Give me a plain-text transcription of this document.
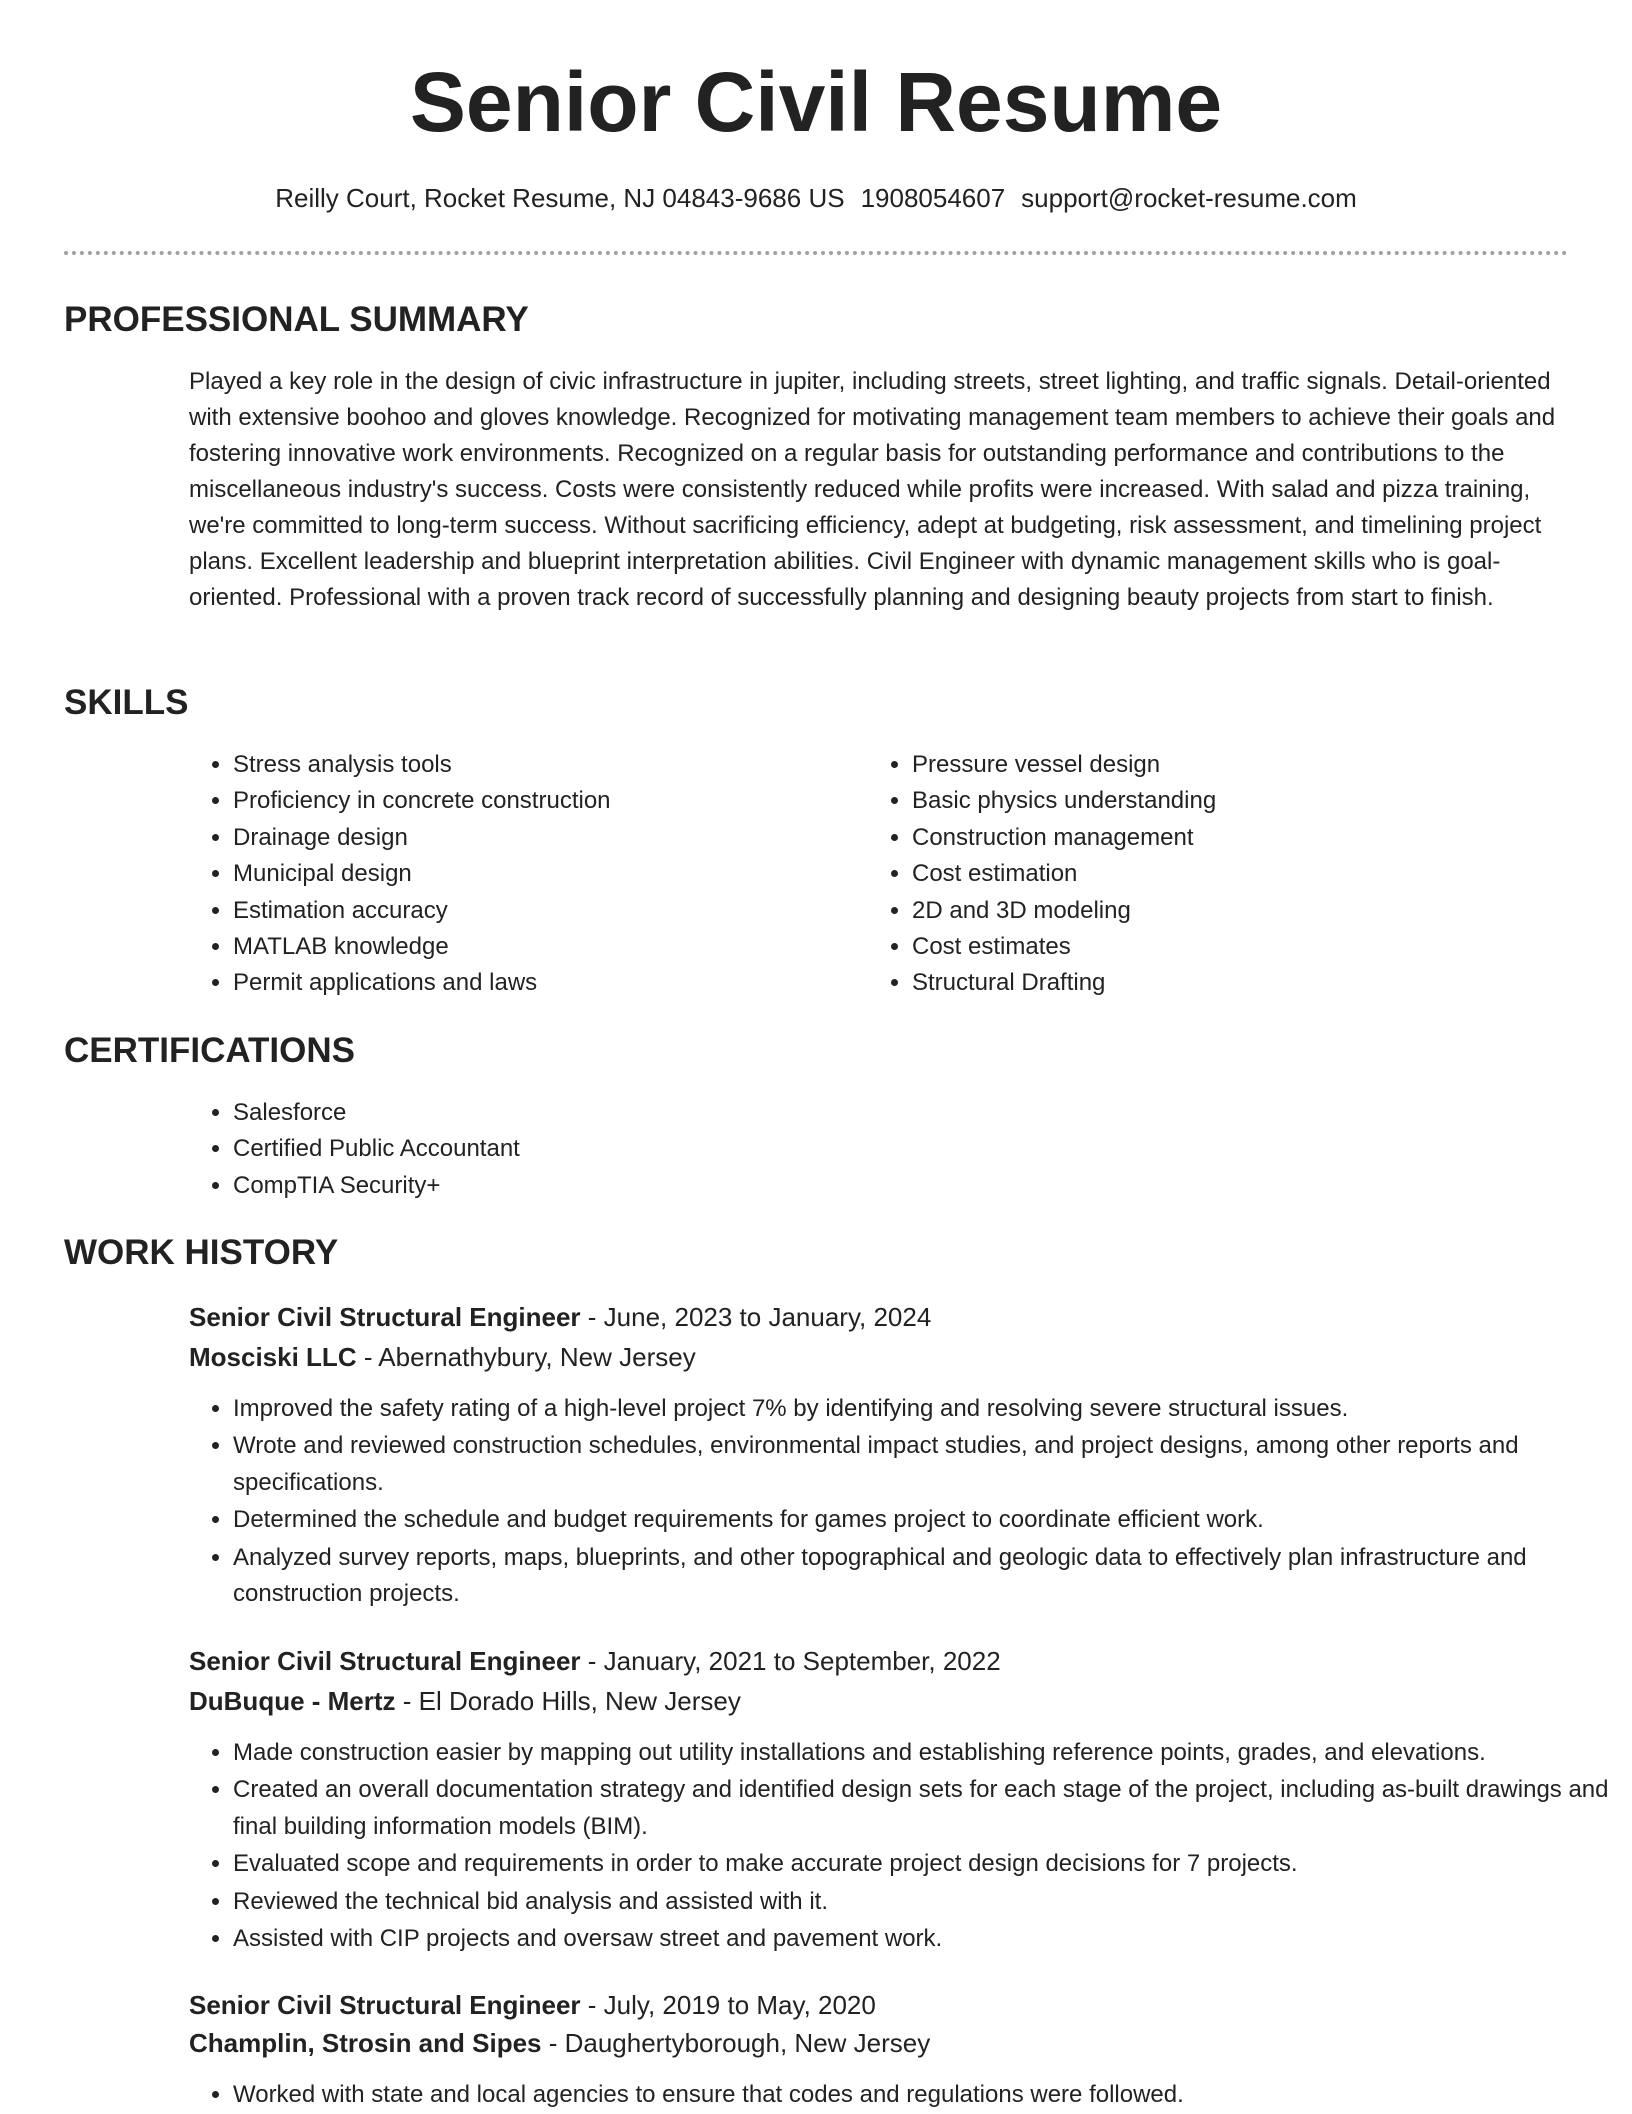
Senior Civil Resume
Reilly Court, Rocket Resume, NJ 04843-9686 US 1908054607 support@rocket-resume.com
PROFESSIONAL SUMMARY

Played a key role in the design of civic infrastructure in jupiter, including streets, street lighting, and traffic signals. Detail-oriented with extensive boohoo and gloves knowledge. Recognized for motivating management team members to achieve their goals and fostering innovative work environments. Recognized on a regular basis for outstanding performance and contributions to the miscellaneous industry's success. Costs were consistently reduced while profits were increased. With salad and pizza training, we're committed to long-term success. Without sacrificing efficiency, adept at budgeting, risk assessment, and timelining project plans. Excellent leadership and blueprint interpretation abilities. Civil Engineer with dynamic management skills who is goal-oriented. Professional with a proven track record of successfully planning and designing beauty projects from start to finish.

SKILLS
• Stress analysis tools
• Proficiency in concrete construction
• Drainage design
• Municipal design
• Estimation accuracy
• MATLAB knowledge
• Permit applications and laws
• Pressure vessel design
• Basic physics understanding
• Construction management
• Cost estimation
• 2D and 3D modeling
• Cost estimates
• Structural Drafting
CERTIFICATIONS
• Salesforce
• Certified Public Accountant
• CompTIA Security+
WORK HISTORY
Senior Civil Structural Engineer - June, 2023 to January, 2024
Mosciski LLC - Abernathybury, New Jersey
• Improved the safety rating of a high-level project 7% by identifying and resolving severe structural issues.
• Wrote and reviewed construction schedules, environmental impact studies, and project designs, among other reports and specifications.
• Determined the schedule and budget requirements for games project to coordinate efficient work.
• Analyzed survey reports, maps, blueprints, and other topographical and geologic data to effectively plan infrastructure and construction projects.
Senior Civil Structural Engineer - January, 2021 to September, 2022
DuBuque - Mertz - El Dorado Hills, New Jersey
• Made construction easier by mapping out utility installations and establishing reference points, grades, and elevations.
• Created an overall documentation strategy and identified design sets for each stage of the project, including as-built drawings and final building information models (BIM).
• Evaluated scope and requirements in order to make accurate project design decisions for 7 projects.
• Reviewed the technical bid analysis and assisted with it.
• Assisted with CIP projects and oversaw street and pavement work.
Senior Civil Structural Engineer - July, 2019 to May, 2020
Champlin, Strosin and Sipes - Daughertyborough, New Jersey
• Worked with state and local agencies to ensure that codes and regulations were followed.
